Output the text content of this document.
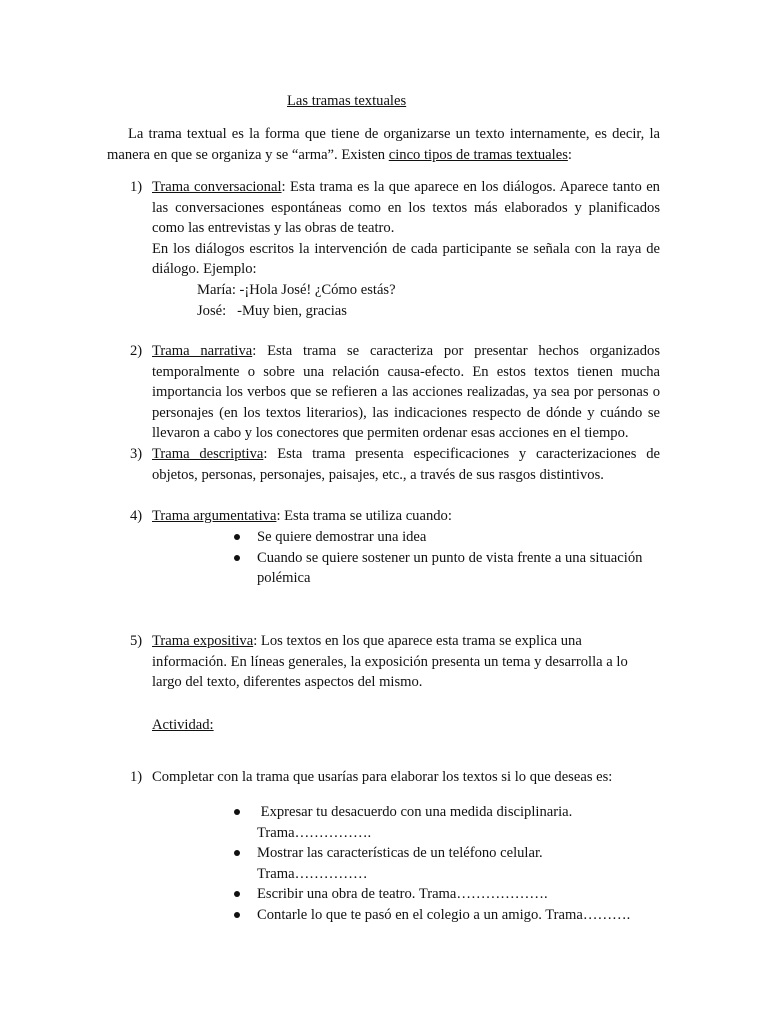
Las tramas textuales

La trama textual es la forma que tiene de organizarse un texto internamente, es decir, la manera en que se organiza y se “arma”. Existen cinco tipos de tramas textuales:

1) Trama conversacional: Esta trama es la que aparece en los diálogos. Aparece tanto en las conversaciones espontáneas como en los textos más elaborados y planificados como las entrevistas y las obras de teatro.

En los diálogos escritos la intervención de cada participante se señala con la raya de diálogo. Ejemplo:

María: -¡Hola José! ¿Cómo estás?
José:   -Muy bien, gracias
2) Trama narrativa: Esta trama se caracteriza por presentar hechos organizados temporalmente o sobre una relación causa-efecto. En estos textos tienen mucha importancia los verbos que se refieren a las acciones realizadas, ya sea por personas o personajes (en los textos literarios), las indicaciones respecto de dónde y cuándo se llevaron a cabo y los conectores que permiten ordenar esas acciones en el tiempo.

3) Trama descriptiva: Esta trama presenta especificaciones y caracterizaciones de objetos, personas, personajes, paisajes, etc., a través de sus rasgos distintivos.

4) Trama argumentativa: Esta trama se utiliza cuando:

Se quiere demostrar una idea
Cuando se quiere sostener un punto de vista frente a una situación polémica
5) Trama expositiva: Los textos en los que aparece esta trama se explica una información. En líneas generales, la exposición presenta un tema y desarrolla a lo largo del texto, diferentes aspectos del mismo.

Actividad:
1) Completar con la trama que usarías para elaborar los textos si lo que deseas es:

Expresar tu desacuerdo con una medida disciplinaria. Trama…………….
Mostrar las características de un teléfono celular. Trama……………
Escribir una obra de teatro. Trama……………….
Contarle lo que te pasó en el colegio a un amigo. Trama……….
